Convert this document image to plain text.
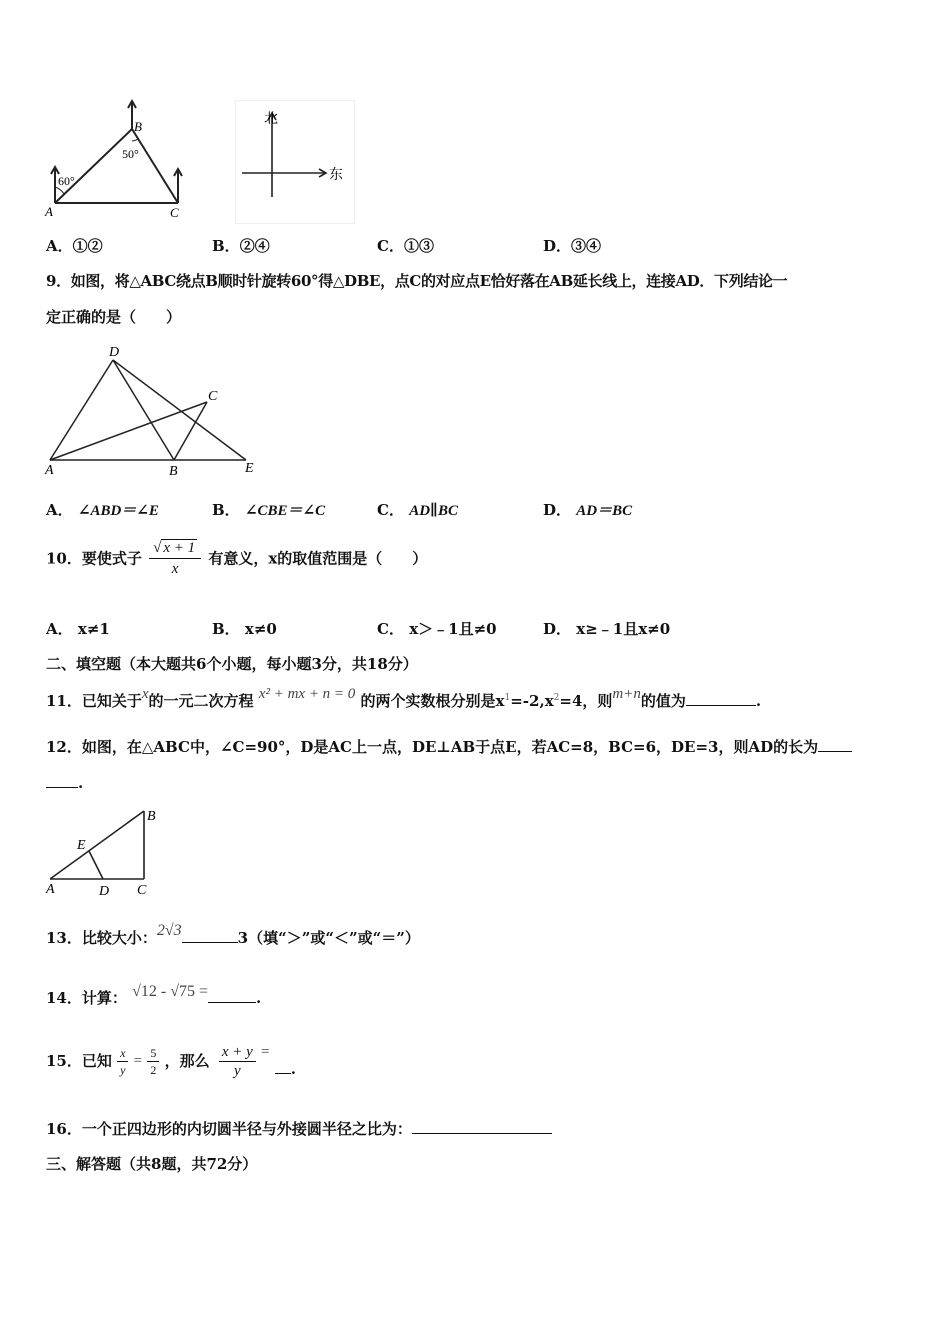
B
50°
60°
A	C
北
东
A．①②	B．②④	C．①③	D．③④
9．如图，将△ABC绕点B顺时针旋转60°得△DBE，点C的对应点E恰好落在AB延长线上，连接AD．下列结论一
定正确的是（　　）
D
C
A	B	E
A． ∠ABD＝∠E	B． ∠CBE＝∠C	C． AD∥BC	D． AD＝BC
10．要使式子 $\frac{√ x + 1}{x}$ 有意义，x的取值范围是（　　）
A． x≠1	B． x≠0	C． x＞﹣1且≠0	D． x≥﹣1且x≠0
二、填空题（本大题共6个小题，每小题3分，共18分）
11．已知关于x的一元二次方程 x² + mx + n = 0 的两个实数根分别是$x^1=-2,x^2=4$，则m+n的值为	.
12．如图，在△ABC中，∠C=90°，D是AC上一点，DE⊥AB于点E，若AC=8，BC=6，DE=3，则AD的长为
.
B
E
A	D C
13．比较大小：2√3	3（填“＞”或“＜”或“＝”）
14．计算： √12 - √75 =	.
15．已知 $\frac{x}{y} = \frac{5}{2}$ ，那么 $\frac{x + y}{y}$ = .
16．一个正四边形的内切圆半径与外接圆半径之比为：
三、解答题（共8题，共72分）
